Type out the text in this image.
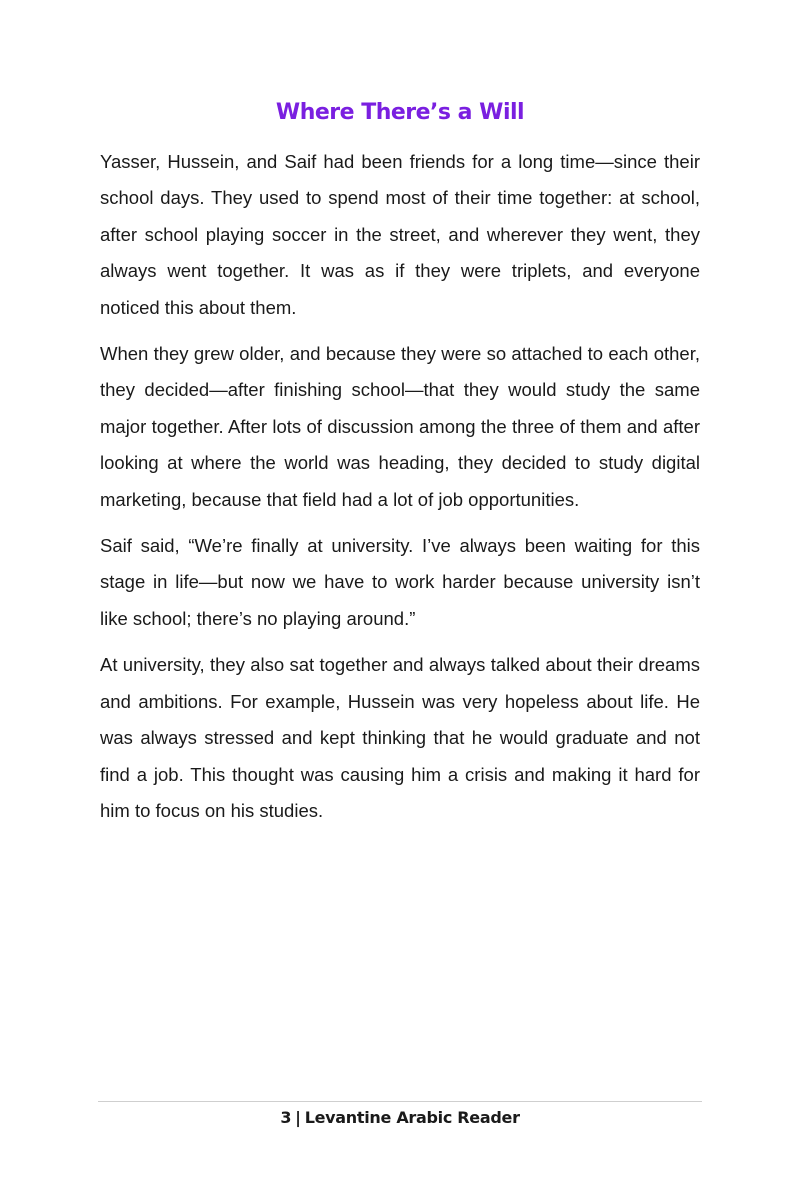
Where There’s a Will

Yasser, Hussein, and Saif had been friends for a long time—since their school days. They used to spend most of their time together: at school, after school playing soccer in the street, and wherever they went, they always went together. It was as if they were triplets, and everyone noticed this about them.

When they grew older, and because they were so attached to each other, they decided—after finishing school—that they would study the same major together. After lots of discussion among the three of them and after looking at where the world was heading, they decided to study digital marketing, because that field had a lot of job opportunities.

Saif said, “We’re finally at university. I’ve always been waiting for this stage in life—but now we have to work harder because university isn’t like school; there’s no playing around.”

At university, they also sat together and always talked about their dreams and ambitions. For example, Hussein was very hopeless about life. He was always stressed and kept thinking that he would graduate and not find a job. This thought was causing him a crisis and making it hard for him to focus on his studies.

3 | Levantine Arabic Reader
